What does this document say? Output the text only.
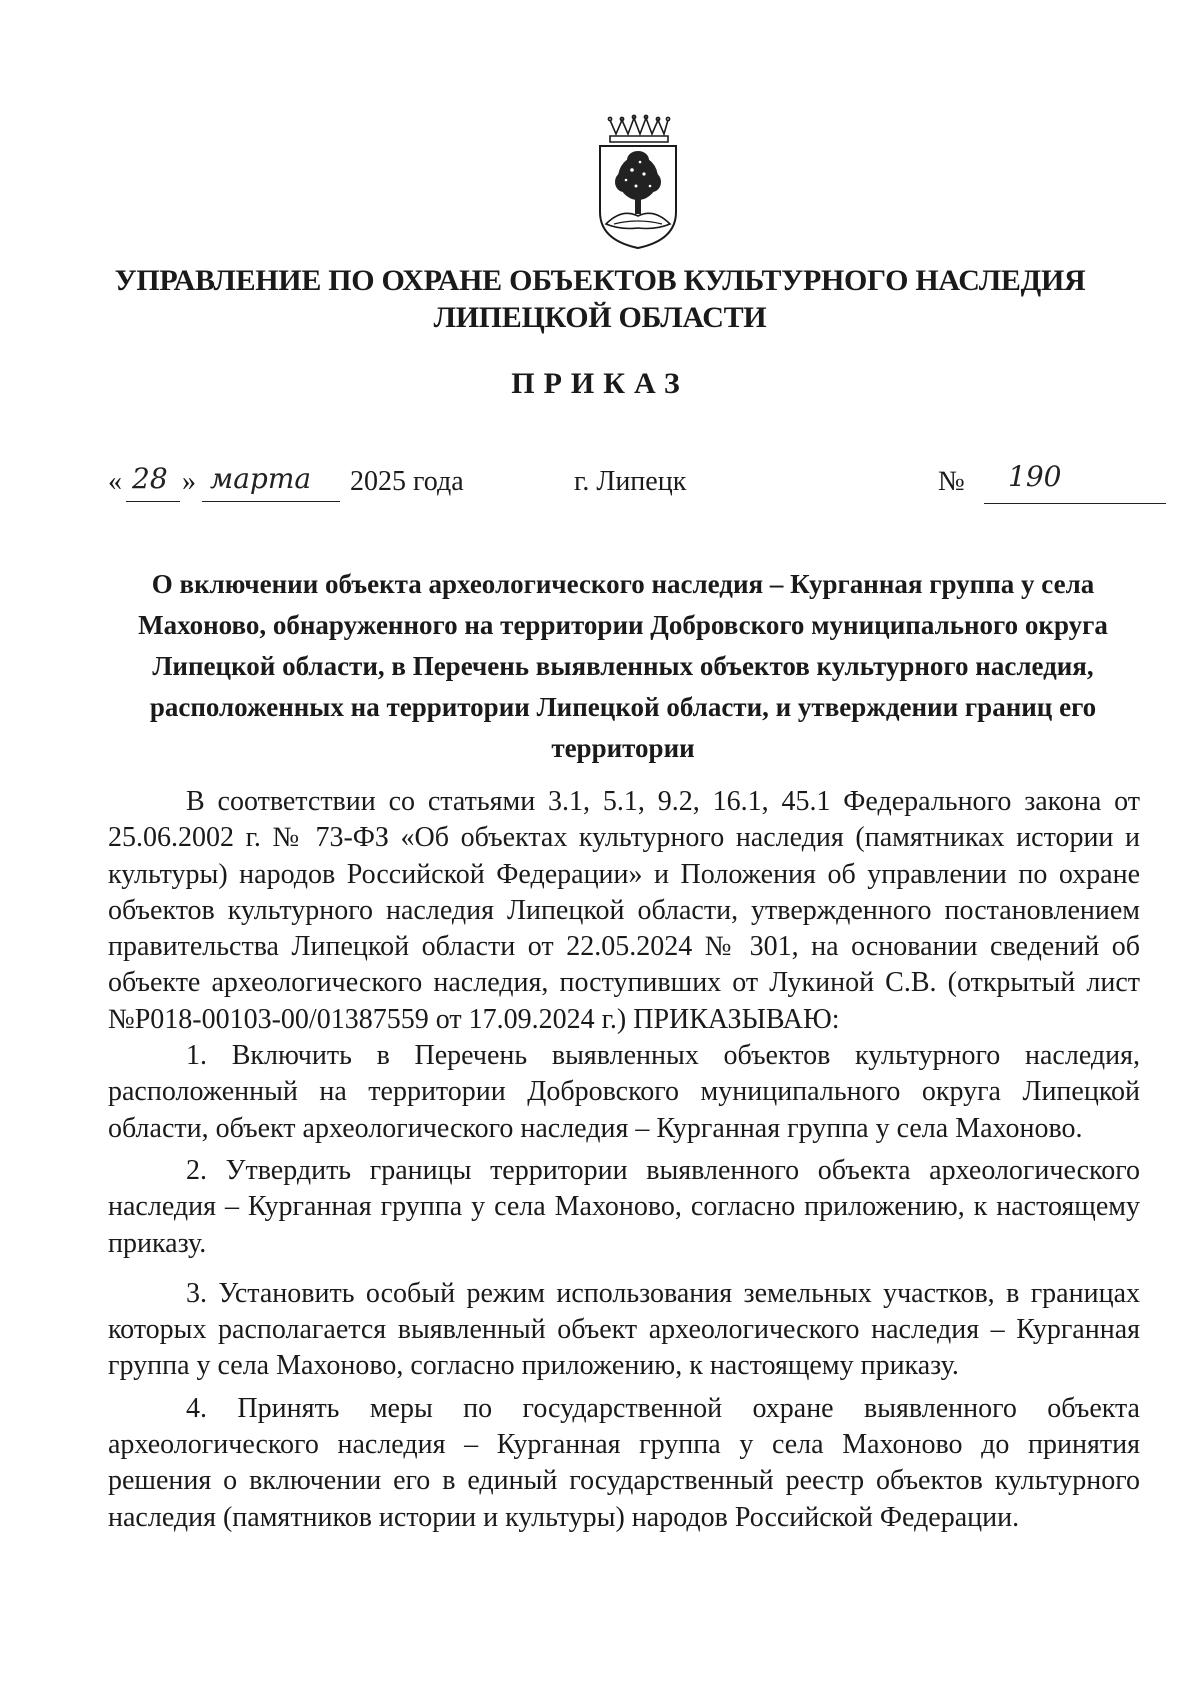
УПРАВЛЕНИЕ ПО ОХРАНЕ ОБЪЕКТОВ КУЛЬТУРНОГО НАСЛЕДИЯ
ЛИПЕЦКОЙ ОБЛАСТИ
ПРИКАЗ
« 28 » марта 2025 года	г. Липецк	№ 190
О включении объекта археологического наследия – Курганная группа у села
Махоново, обнаруженного на территории Добровского муниципального округа
Липецкой области, в Перечень выявленных объектов культурного наследия,
расположенных на территории Липецкой области, и утверждении границ его
территории

В соответствии со статьями 3.1, 5.1, 9.2, 16.1, 45.1 Федерального закона от 25.06.2002 г. № 73-ФЗ «Об объектах культурного наследия (памятниках истории и культуры) народов Российской Федерации» и Положения об управлении по охране объектов культурного наследия Липецкой области, утвержденного постановлением правительства Липецкой области от 22.05.2024 № 301, на основании сведений об объекте археологического наследия, поступивших от Лукиной С.В. (открытый лист №Р018-00103-00/01387559 от 17.09.2024 г.) ПРИКАЗЫВАЮ:

1. Включить в Перечень выявленных объектов культурного наследия, расположенный на территории Добровского муниципального округа Липецкой области, объект археологического наследия – Курганная группа у села Махоново.

2. Утвердить границы территории выявленного объекта археологического наследия – Курганная группа у села Махоново, согласно приложению, к настоящему приказу.

3. Установить особый режим использования земельных участков, в границах которых располагается выявленный объект археологического наследия – Курганная группа у села Махоново, согласно приложению, к настоящему приказу.

4. Принять меры по государственной охране выявленного объекта археологического наследия – Курганная группа у села Махоново до принятия решения о включении его в единый государственный реестр объектов культурного наследия (памятников истории и культуры) народов Российской Федерации.
